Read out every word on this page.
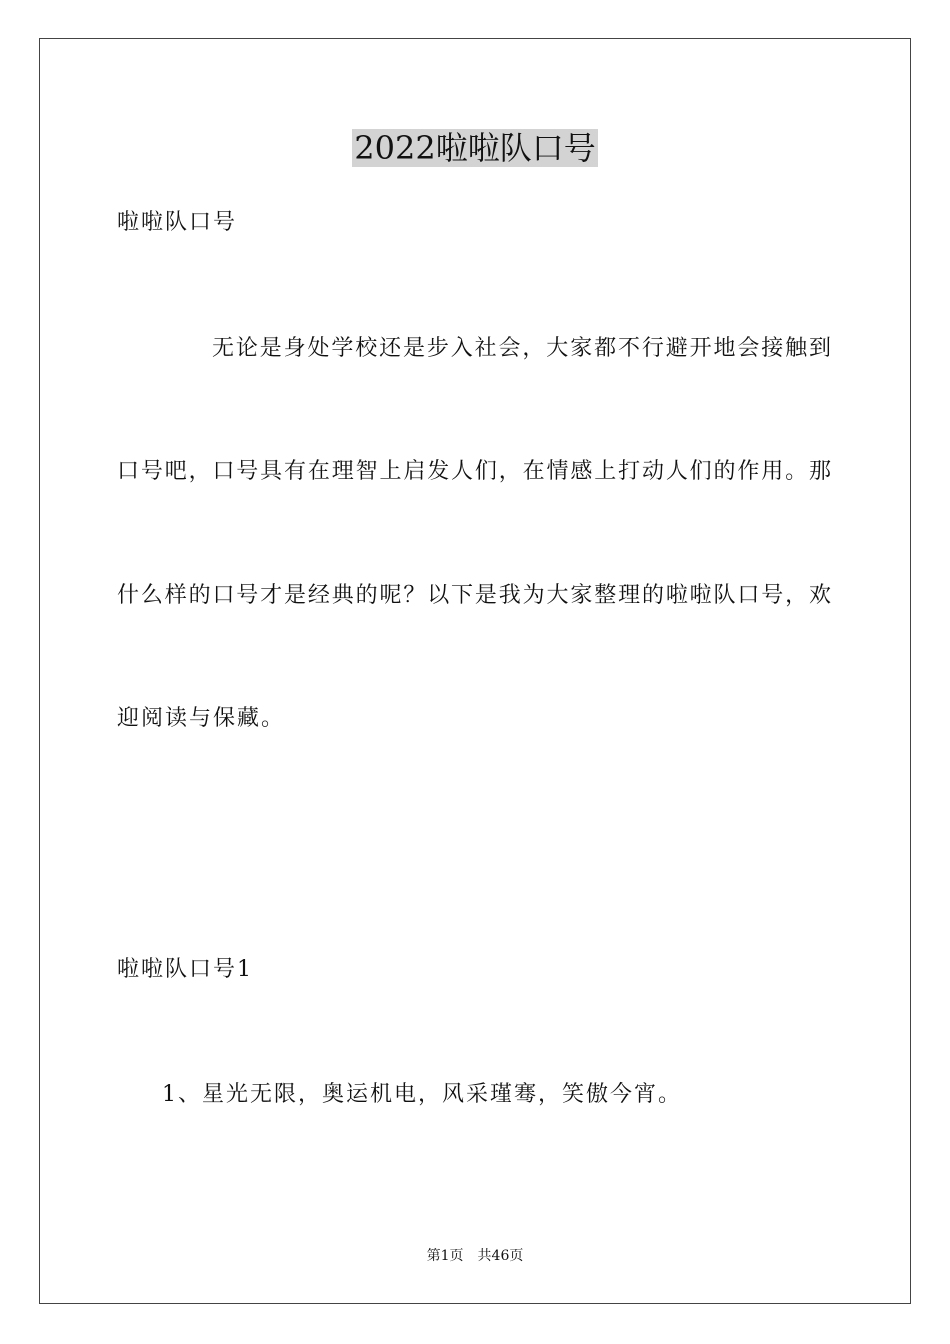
2022啦啦队口号
啦啦队口号
无论是身处学校还是步入社会，大家都不行避开地会接触到
口号吧，口号具有在理智上启发人们，在情感上打动人们的作用。那
什么样的口号才是经典的呢？以下是我为大家整理的啦啦队口号，欢
迎阅读与保藏。
啦啦队口号1
1、星光无限，奥运机电，风采瑾骞，笑傲今宵。
第1页 共46页
